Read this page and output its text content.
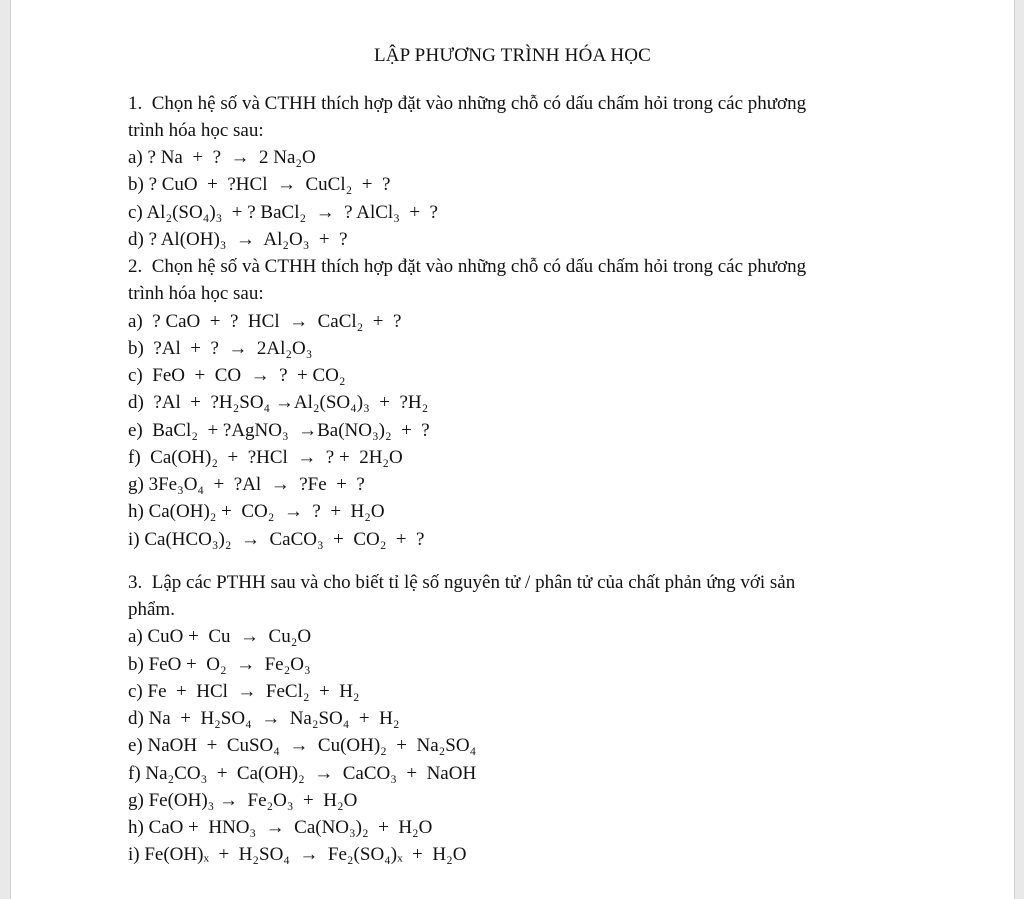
LẬP PHƯƠNG TRÌNH HÓA HỌC
1.  Chọn hệ số và CTHH thích hợp đặt vào những chỗ có dấu chấm hỏi trong các phương
trình hóa học sau:
a) ? Na  +  ?  →  2 Na₂O
b) ? CuO  +  ?HCl  →  CuCl₂  +  ?
c) Al₂(SO₄)₃  + ? BaCl₂  →  ? AlCl₃  +  ?
d) ? Al(OH)₃  →  Al₂O₃  +  ?
2.  Chọn hệ số và CTHH thích hợp đặt vào những chỗ có dấu chấm hỏi trong các phương
trình hóa học sau:
a)  ? CaO  +  ?  HCl  →  CaCl₂  +  ?
b)  ?Al  +  ?  →  2Al₂O₃
c)  FeO  +  CO  →  ?  + CO₂
d)  ?Al  +  ?H₂SO₄ →Al₂(SO₄)₃  +  ?H₂
e)  BaCl₂  + ?AgNO₃  →Ba(NO₃)₂  +  ?
f)  Ca(OH)₂  +  ?HCl  →  ? +  2H₂O
g) 3Fe₃O₄  +  ?Al  →  ?Fe  +  ?
h) Ca(OH)₂ +  CO₂  →  ?  +  H₂O
i) Ca(HCO₃)₂  →  CaCO₃  +  CO₂  +  ?
3.  Lập các PTHH sau và cho biết tỉ lệ số nguyên tử / phân tử của chất phản ứng với sản
phẩm.
a) CuO +  Cu  →  Cu₂O
b) FeO +  O₂  →  Fe₂O₃
c) Fe  +  HCl  →  FeCl₂  +  H₂
d) Na  +  H₂SO₄  →  Na₂SO₄  +  H₂
e) NaOH  +  CuSO₄  →  Cu(OH)₂  +  Na₂SO₄
f) Na₂CO₃  +  Ca(OH)₂  →  CaCO₃  +  NaOH
g) Fe(OH)₃ →  Fe₂O₃  +  H₂O
h) CaO +  HNO₃  →  Ca(NO₃)₂  +  H₂O
i) Fe(OH)ₓ  +  H₂SO₄  →  Fe₂(SO₄)ₓ  +  H₂O
